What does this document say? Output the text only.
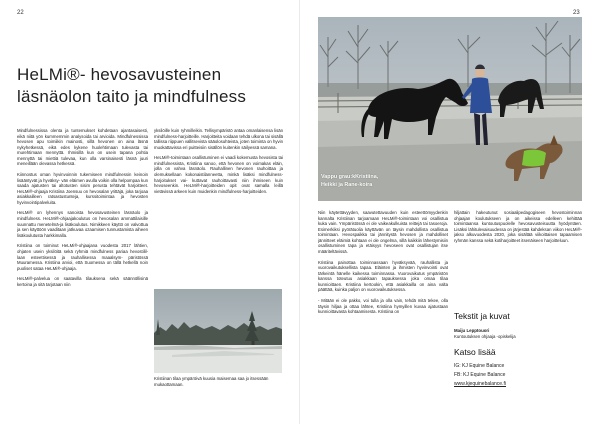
22
HeLMi®- hevosavusteinen
läsnäolon taito ja mindfulness

Mindfulnessissa olenta ja tuntemukset kohdetaan ajantasaisesti, eikä niitä yön kummemmin analysoida tai arvioida. Mindfulnessissa hevosen apu toimiikin mainosti, sillä hevonen on aina läsnä nykyhetkessä, eikä edes kykene huolehtimaan tulevasta tai murehtimaan mennyttä. Ihmisillä kun on usein tapana pohtia mennyttä tai miettiä tulevaa, kun olla varsinaisesti läsnä juuri meneillään olevassa hetkessä.

Kiinnostus oman hyvinvoinnin tukemiseen mindfulnessin keinoin lisääntyvät ja hyväksy- vän eläimen avulla voikin olla helpompaa kun saada ajatusten tai altotusten sisim perusta tehtävät harjoitteet. HeLMi®-ohjaaja Kristiina Joensuu on hevosalan yrittäjä, joka tarjoaa asiakkailleen ratsastustunteja, kurssitoimintaa ja hevosten hyvinvointipalveluita.

HeLMi® on lyhennys sanoista hevosavusteinen läsnäolo ja mindfulness. HeLMi®-ohjaajakoulutus on hevosalan ammattilaisille suunnattu menetelmä-ja lisäkoulutus. Nimikkeen käyttö on valvottua ja sen käyttöön vaaditaan jatkuvaa ozaamisen tunnustamista aiheen lisäkoulutusta harkkimalla.

Kristiina on toiminut HeLMi®-ohjaajana vuodesta 2017 lähtien, ohjaten usein yksilöitä sekä ryhmiä mindfulness pariaa hevostilil- laan esteettisessä ja rauhallisessa maaalsym- päristössä Muuramessa. Kristiina arvioi, että Suomessa on tällä hetkellä noin puoliset sataa HeLMi®-ohjaaja.

HeLMi®-palvelua on saatavilla tilauksena sekä säännöllisinä kertoina ja sitä tarjotaan niin

yksilöille kuin ryhmilleikin. Tellisympäristö antaa omanlaisensa lisän mindfulness-harjoitteille. Harjoitteita voidaan tehdä ulkona tai sisällä tallissa riippuen vallitsevista sääolosuhteista, joten toiminta on hyvin muokattavissa eri puitteisiin sisällön kuitenkin säilyessä samana.

HeLMi®-toimintaan osallistuminen ei vaadi kokemusta hevosista tai mindfulnessista, Kristiina sanoo, että hevonen on voimakas eläin, jolla on vahva läsnäolo. Rauhallinen hevonen rauhoittaa ja olemuksellaan kokonaistilanneetta, minkä lisäksi mindfulness-harjoitukset vai- kuttavat rauhoittavasti niin ihmiseen kuin hevoseenkin. HeLMi®-harjoitteiden opit ovat samalla leillä vietävissä arkeen kuin muidenkin mindfulness-harjoitteiden.

Kristiinan tilaa ympäröivä kuusia maisemaa saa jo itsessään mukaottamaan.
23
Vappu grau:kKristiina,
Heikki ja Rane-koira

Niin käytettävyyden, saavutettavuuden kuin esteettömyydenkin kannalta Kristiinan tarjoamaan HeLMi®-toimintaan voi osallistua kuka vain. Ympäristössä ei ole vaikeakulkuista reittejä tai tasoeroja. Esimerkiksi pyörätuolia käyttävän on täysin mahdollista osallistua toimintaan. Hevospaikka tai jännitystä hevosen ja mahdolliset jännitteet eläimiä kohtaan ei ole ongelma, sillä kaikkiin lähestymisiin osallistuminen tapa ja etäisyys hevoseen ovat osallistujan itse määriteltävissä.

Kristiina painottaa toiminnassaan hyväksyvää, rauhallista ja vuorovaikutuksellista tapaa. Eläinten ja ihmisten hyvinvointi ovat tärkeintä hänelle kaikessa toiminnassa. Vuorovaikutus ympäristön kanssa toteutuu asiakkaan tapauksessa joka omaa tilaa kunnioittaen. Kristiina kertookin, että asiakkailla on aina valta päättää, kuinka paljon on vuorovaikutuksessa.

- Mitään ei ole pakko, voi tulla ja olla vain, tehdä mitä tekee, olla täysin hiljaa ja ottaa lähtee, Kristiina hymyillen kuvaa ajatustaan kunnioittavasta kohtaamisesta. Kristiina on

hiljattain hakeutunut sosiaalipedagogiseen hevostoiminnan ohjaajan koulutukseen ja on aikeissa edelleen kehittää toimintaansa kuntoutuspuolelle hevosavusteisuutta hyödyntäen. Lisäksi lähitulevaisuudessa on järjestää kahdeksan viikon HeLMi®-jakso alkuvuodesta 2020, joka sisältää viikoittaisen tapaamisen ryhmän kanssa sekä kotiharjoitteet itsenäiseen harjoitteluun.

Tekstit ja kuvat
Maiju Lepptouori
Kuntoutuksen ohjaaja -opiskelija
Katso lisää
IG: KJ Equine Balance
FB: KJ Equine Balance
www.kjequinebalance.fi
